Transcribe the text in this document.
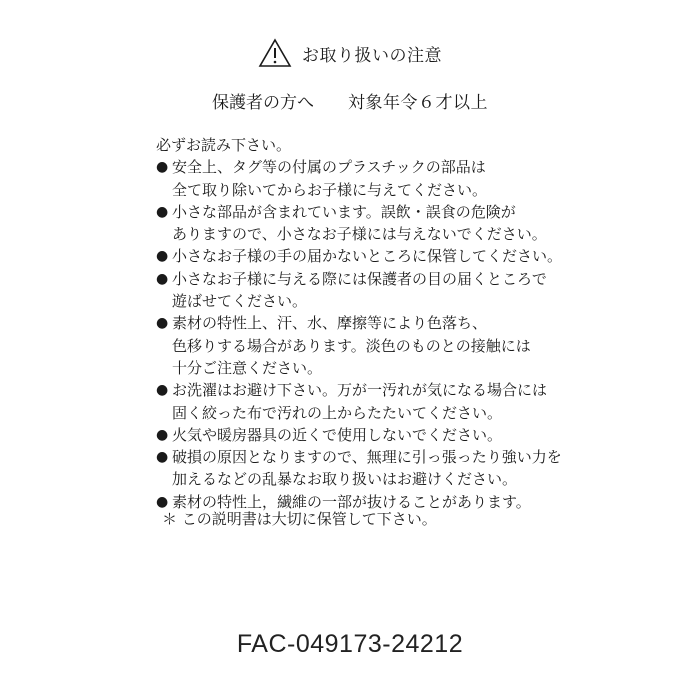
お取り扱いの注意
保護者の方へ 対象年令６才以上

必ずお読み下さい。

● 安全上、タグ等の付属のプラスチックの部品は
全て取り除いてからお子様に与えてください。
● 小さな部品が含まれています。誤飲・誤食の危険が
ありますので、小さなお子様には与えないでください。
● 小さなお子様の手の届かないところに保管してください。
● 小さなお子様に与える際には保護者の目の届くところで
遊ばせてください。
● 素材の特性上、汗、水、摩擦等により色落ち、
色移りする場合があります。淡色のものとの接触には
十分ご注意ください。
● お洗濯はお避け下さい。万が一汚れが気になる場合には
固く絞った布で汚れの上からたたいてください。
● 火気や暖房器具の近くで使用しないでください。
● 破損の原因となりますので、無理に引っ張ったり強い力を
加えるなどの乱暴なお取り扱いはお避けください。
● 素材の特性上，繊維の一部が抜けることがあります。
＊ この説明書は大切に保管して下さい。
FAC-049173-24212
